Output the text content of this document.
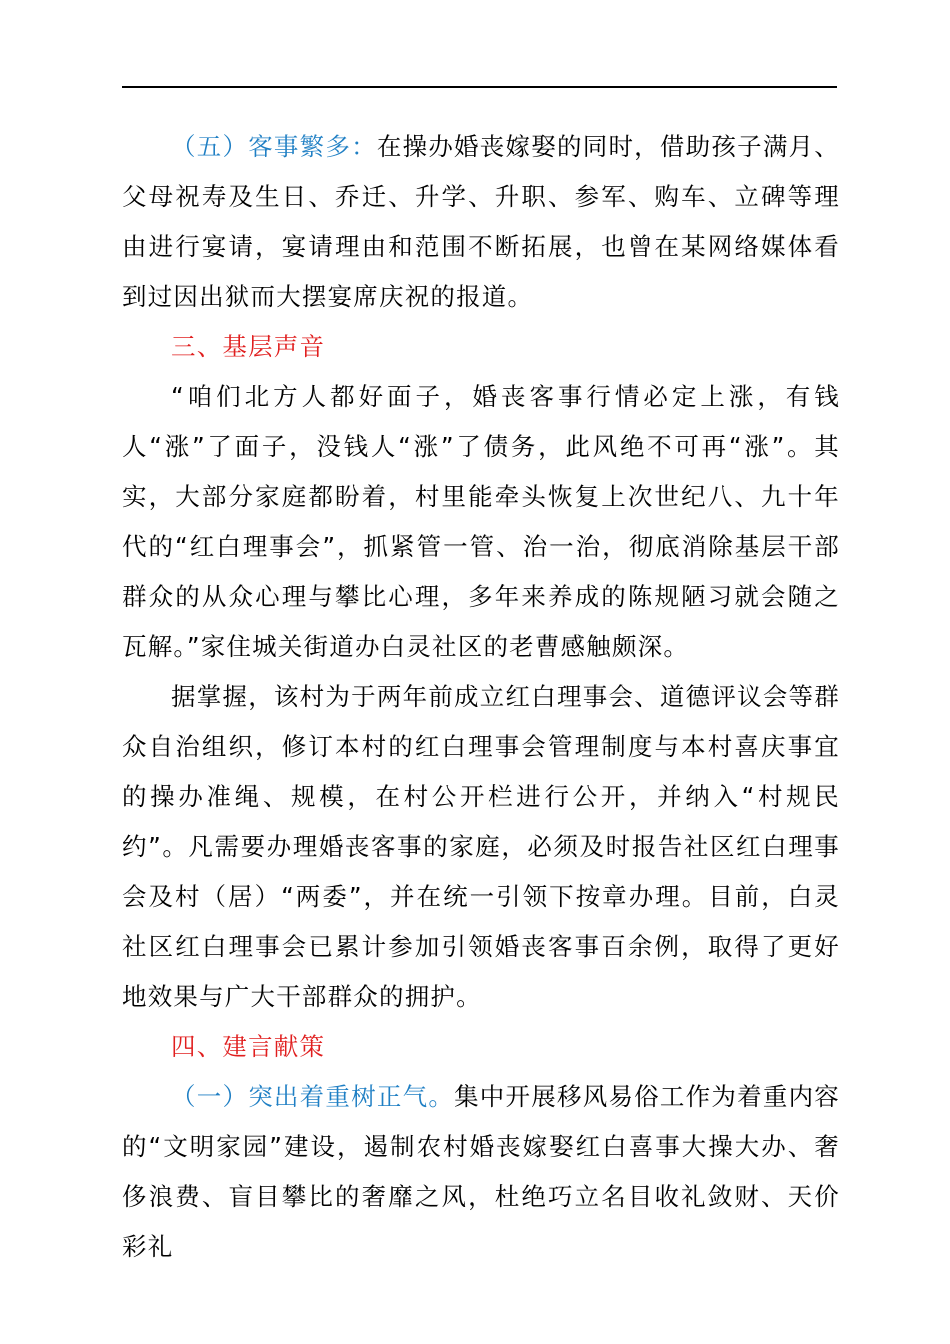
（五）客事繁多：在操办婚丧嫁娶的同时，借助孩子满月、父母祝寿及生日、乔迁、升学、升职、参军、购车、立碑等理由进行宴请，宴请理由和范围不断拓展，也曾在某网络媒体看到过因出狱而大摆宴席庆祝的报道。

三、基层声音

“咱们北方人都好面子，婚丧客事行情必定上涨，有钱人“涨”了面子，没钱人“涨”了债务，此风绝不可再“涨”。其实，大部分家庭都盼着，村里能牵头恢复上次世纪八、九十年代的“红白理事会”，抓紧管一管、治一治，彻底消除基层干部群众的从众心理与攀比心理，多年来养成的陈规陋习就会随之瓦解。”家住城关街道办白灵社区的老曹感触颇深。

据掌握，该村为于两年前成立红白理事会、道德评议会等群众自治组织，修订本村的红白理事会管理制度与本村喜庆事宜的操办准绳、规模，在村公开栏进行公开，并纳入“村规民约”。凡需要办理婚丧客事的家庭，必须及时报告社区红白理事会及村（居）“两委”，并在统一引领下按章办理。目前，白灵社区红白理事会已累计参加引领婚丧客事百余例，取得了更好地效果与广大干部群众的拥护。

四、建言献策

（一）突出着重树正气。集中开展移风易俗工作为着重内容的“文明家园”建设，遏制农村婚丧嫁娶红白喜事大操大办、奢侈浪费、盲目攀比的奢靡之风，杜绝巧立名目收礼敛财、天价彩礼
